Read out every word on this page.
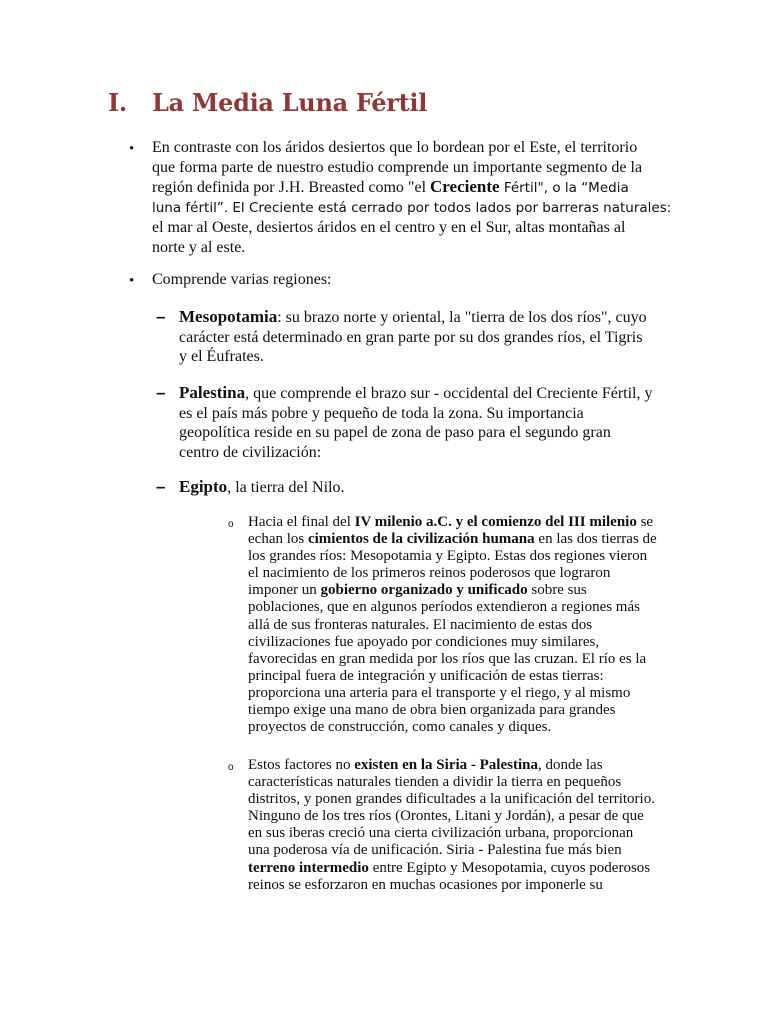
I. La Media Luna Fértil
• En contraste con los áridos desiertos que lo bordean por el Este, el territorio
que forma parte de nuestro estudio comprende un importante segmento de la
región definida por J.H. Breasted como "el Creciente Fértil", o la “Media
luna fértil”. El Creciente está cerrado por todos lados por barreras naturales:
el mar al Oeste, desiertos áridos en el centro y en el Sur, altas montañas al
norte y al este.
• Comprende varias regiones:
– Mesopotamia: su brazo norte y oriental, la "tierra de los dos ríos", cuyo
carácter está determinado en gran parte por su dos grandes ríos, el Tigris
y el Éufrates.
– Palestina, que comprende el brazo sur - occidental del Creciente Fértil, y
es el país más pobre y pequeño de toda la zona. Su importancia
geopolítica reside en su papel de zona de paso para el segundo gran
centro de civilización:
– Egipto, la tierra del Nilo.
o Hacia el final del IV milenio a.C. y el comienzo del III milenio se
echan los cimientos de la civilización humana en las dos tierras de
los grandes ríos: Mesopotamia y Egipto. Estas dos regiones vieron
el nacimiento de los primeros reinos poderosos que lograron
imponer un gobierno organizado y unificado sobre sus
poblaciones, que en algunos períodos extendieron a regiones más
allá de sus fronteras naturales. El nacimiento de estas dos
civilizaciones fue apoyado por condiciones muy similares,
favorecidas en gran medida por los ríos que las cruzan. El río es la
principal fuera de integración y unificación de estas tierras:
proporciona una arteria para el transporte y el riego, y al mismo
tiempo exige una mano de obra bien organizada para grandes
proyectos de construcción, como canales y diques.
o Estos factores no existen en la Siria - Palestina, donde las
características naturales tienden a dividir la tierra en pequeños
distritos, y ponen grandes dificultades a la unificación del territorio.
Ninguno de los tres ríos (Orontes, Litani y Jordán), a pesar de que
en sus iberas creció una cierta civilización urbana, proporcionan
una poderosa vía de unificación. Siria - Palestina fue más bien
terreno intermedio entre Egipto y Mesopotamia, cuyos poderosos
reinos se esforzaron en muchas ocasiones por imponerle su
